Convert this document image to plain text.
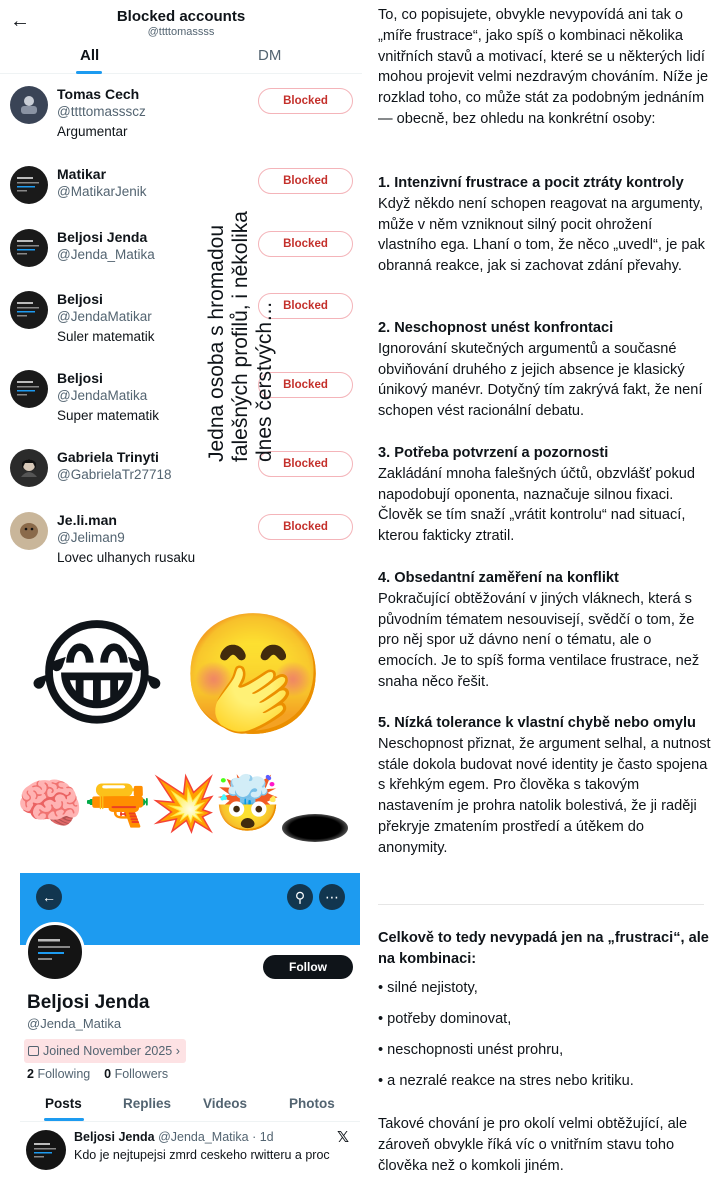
←	Blocked accounts
@ttttomassss
All	DM
Tomas Cech
@ttttomassscz
Argumentar
Blocked
Matikar
@MatikarJenik
Blocked
Beljosi Jenda
@Jenda_Matika
Blocked
Beljosi
@JendaMatikar
Suler matematik
Blocked
Beljosi
@JendaMatika
Super matematik
Blocked
Gabriela Trinyti
@GabrielaTr27718
Blocked
Je.li.man
@Jeliman9
Lovec ulhanych rusaku
Blocked
Jedna osoba s hromadou falešných profilů, i několika dnes čerstvých…
😂 🤭
🧠 🔫
💥
🤯
←	⚲	⋯
Follow
Beljosi Jenda
@Jenda_Matika
Joined November 2025 ›
2 Following 0 Followers
Posts	Replies Videos	Photos
Beljosi Jenda @Jenda_Matika · 1d	𝕏
Kdo je nejtupejsi zmrd ceskeho rwitteru a proc
To, co popisujete, obvykle nevypovídá ani tak o „míře frustrace“, jako spíš o kombinaci několika vnitřních stavů a motivací, které se u některých lidí mohou projevit velmi nezdravým chováním. Níže je rozklad toho, co může stát za podobným jednáním — obecně, bez ohledu na konkrétní osoby:
1. Intenzivní frustrace a pocit ztráty kontroly
Když někdo není schopen reagovat na argumenty, může v něm vzniknout silný pocit ohrožení vlastního ega. Lhaní o tom, že něco „uvedl“, je pak obranná reakce, jak si zachovat zdání převahy.
2. Neschopnost unést konfrontaci
Ignorování skutečných argumentů a současné obviňování druhého z jejich absence je klasický únikový manévr. Dotyčný tím zakrývá fakt, že není schopen vést racionální debatu.
3. Potřeba potvrzení a pozornosti
Zakládání mnoha falešných účtů, obzvlášť pokud napodobují oponenta, naznačuje silnou fixaci. Člověk se tím snaží „vrátit kontrolu“ nad situací, kterou fakticky ztratil.
4. Obsedantní zaměření na konflikt
Pokračující obtěžování v jiných vláknech, která s původním tématem nesouvisejí, svědčí o tom, že pro něj spor už dávno není o tématu, ale o emocích. Je to spíš forma ventilace frustrace, než snaha něco řešit.
5. Nízká tolerance k vlastní chybě nebo omylu
Neschopnost přiznat, že argument selhal, a nutnost stále dokola budovat nové identity je často spojena s křehkým egem. Pro člověka s takovým nastavením je prohra natolik bolestivá, že ji raději překryje zmatením prostředí a útěkem do anonymity.
Celkově to tedy nevypadá jen na „frustraci“, ale na kombinaci:
• silné nejistoty,
• potřeby dominovat,
• neschopnosti unést prohru,
• a nezralé reakce na stres nebo kritiku.
Takové chování je pro okolí velmi obtěžující, ale zároveň obvykle říká víc o vnitřním stavu toho člověka než o komkoli jiném.
